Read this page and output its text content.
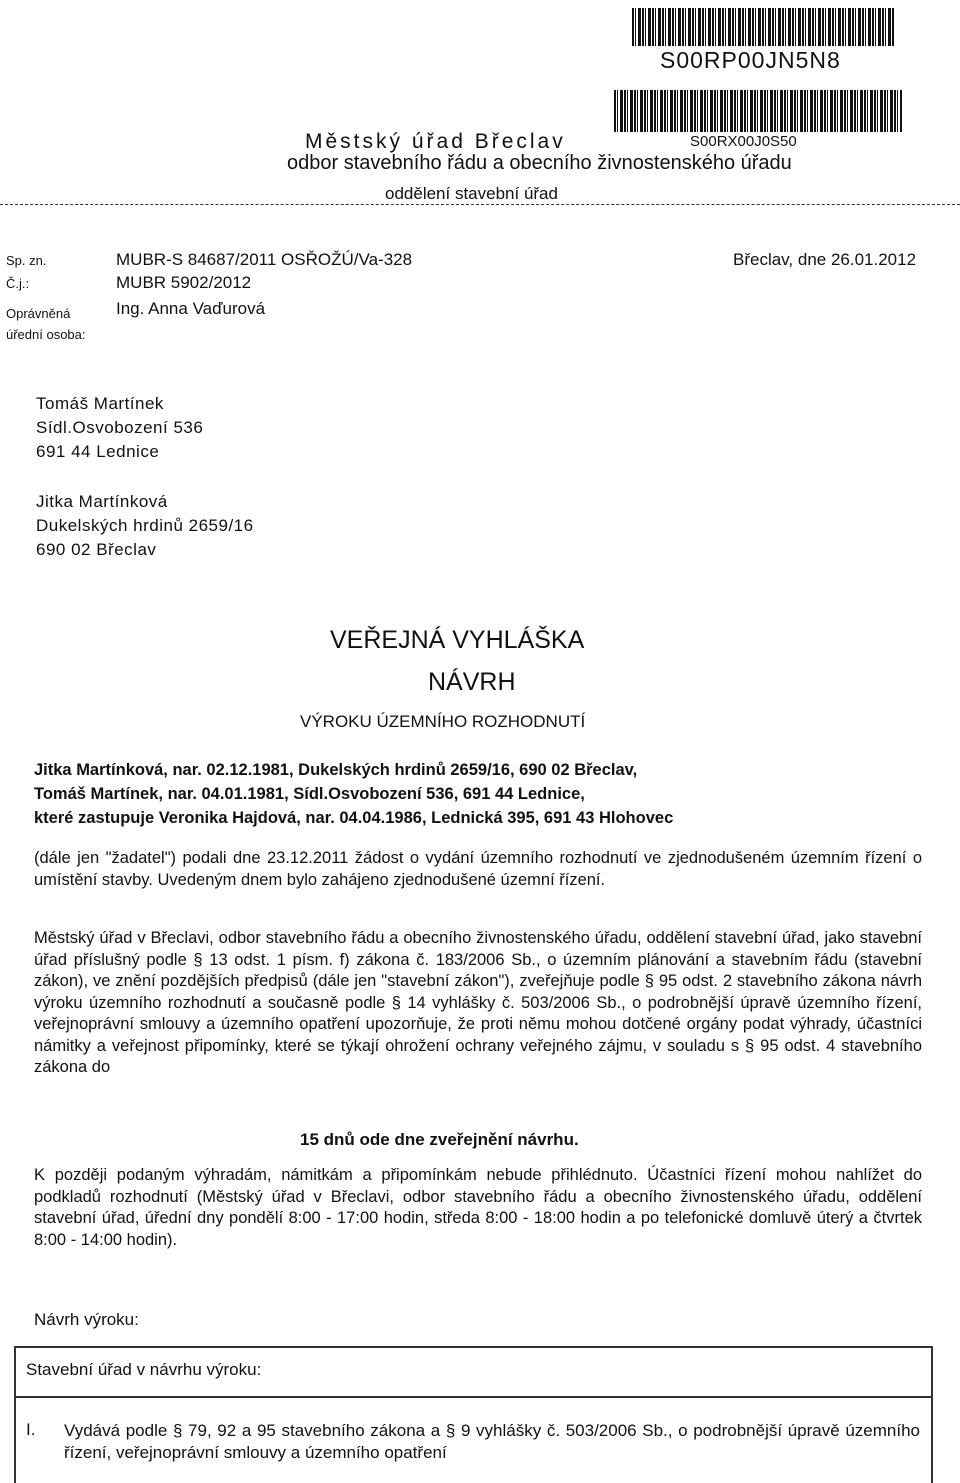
S00RP00JN5N8
S00RX00J0S50
Městský úřad Břeclav
odbor stavebního řádu a obecního živnostenského úřadu
oddělení stavební úřad
Sp. zn.	MUBR-S 84687/2011 OSŘOŽÚ/Va-328	Břeclav, dne 26.01.2012
Č.j.:	MUBR 5902/2012
Oprávněná
úřední osoba:
Ing. Anna Vaďurová
Tomáš Martínek
Sídl.Osvobození 536
691 44 Lednice
Jitka Martínková
Dukelských hrdinů 2659/16
690 02 Břeclav
VEŘEJNÁ VYHLÁŠKA
NÁVRH
VÝROKU ÚZEMNÍHO ROZHODNUTÍ
Jitka Martínková, nar. 02.12.1981, Dukelských hrdinů 2659/16, 690 02 Břeclav,
Tomáš Martínek, nar. 04.01.1981, Sídl.Osvobození 536, 691 44 Lednice,
které zastupuje Veronika Hajdová, nar. 04.04.1986, Lednická 395, 691 43 Hlohovec
(dále jen "žadatel") podali dne 23.12.2011 žádost o vydání územního rozhodnutí ve zjednodušeném územním řízení o umístění stavby. Uvedeným dnem bylo zahájeno zjednodušené územní řízení.
Městský úřad v Břeclavi, odbor stavebního řádu a obecního živnostenského úřadu, oddělení stavební úřad, jako stavební úřad příslušný podle § 13 odst. 1 písm. f) zákona č. 183/2006 Sb., o územním plánování a stavebním řádu (stavební zákon), ve znění pozdějších předpisů (dále jen "stavební zákon"), zveřejňuje podle § 95 odst. 2 stavebního zákona návrh výroku územního rozhodnutí a současně podle § 14 vyhlášky č. 503/2006 Sb., o podrobnější úpravě územního řízení, veřejnoprávní smlouvy a územního opatření upozorňuje, že proti němu mohou dotčené orgány podat výhrady, účastníci námitky a veřejnost připomínky, které se týkají ohrožení ochrany veřejného zájmu, v souladu s § 95 odst. 4 stavebního zákona do
15 dnů ode dne zveřejnění návrhu.
K později podaným výhradám, námitkám a připomínkám nebude přihlédnuto. Účastníci řízení mohou nahlížet do podkladů rozhodnutí (Městský úřad v Břeclavi, odbor stavebního řádu a obecního živnostenského úřadu, oddělení stavební úřad, úřední dny pondělí 8:00 - 17:00 hodin, středa 8:00 - 18:00 hodin a po telefonické domluvě úterý a čtvrtek 8:00 - 14:00 hodin).
Návrh výroku:
Stavební úřad v návrhu výroku:
I. Vydává podle § 79, 92 a 95 stavebního zákona a § 9 vyhlášky č. 503/2006 Sb., o podrobnější úpravě územního řízení, veřejnoprávní smlouvy a územního opatření
